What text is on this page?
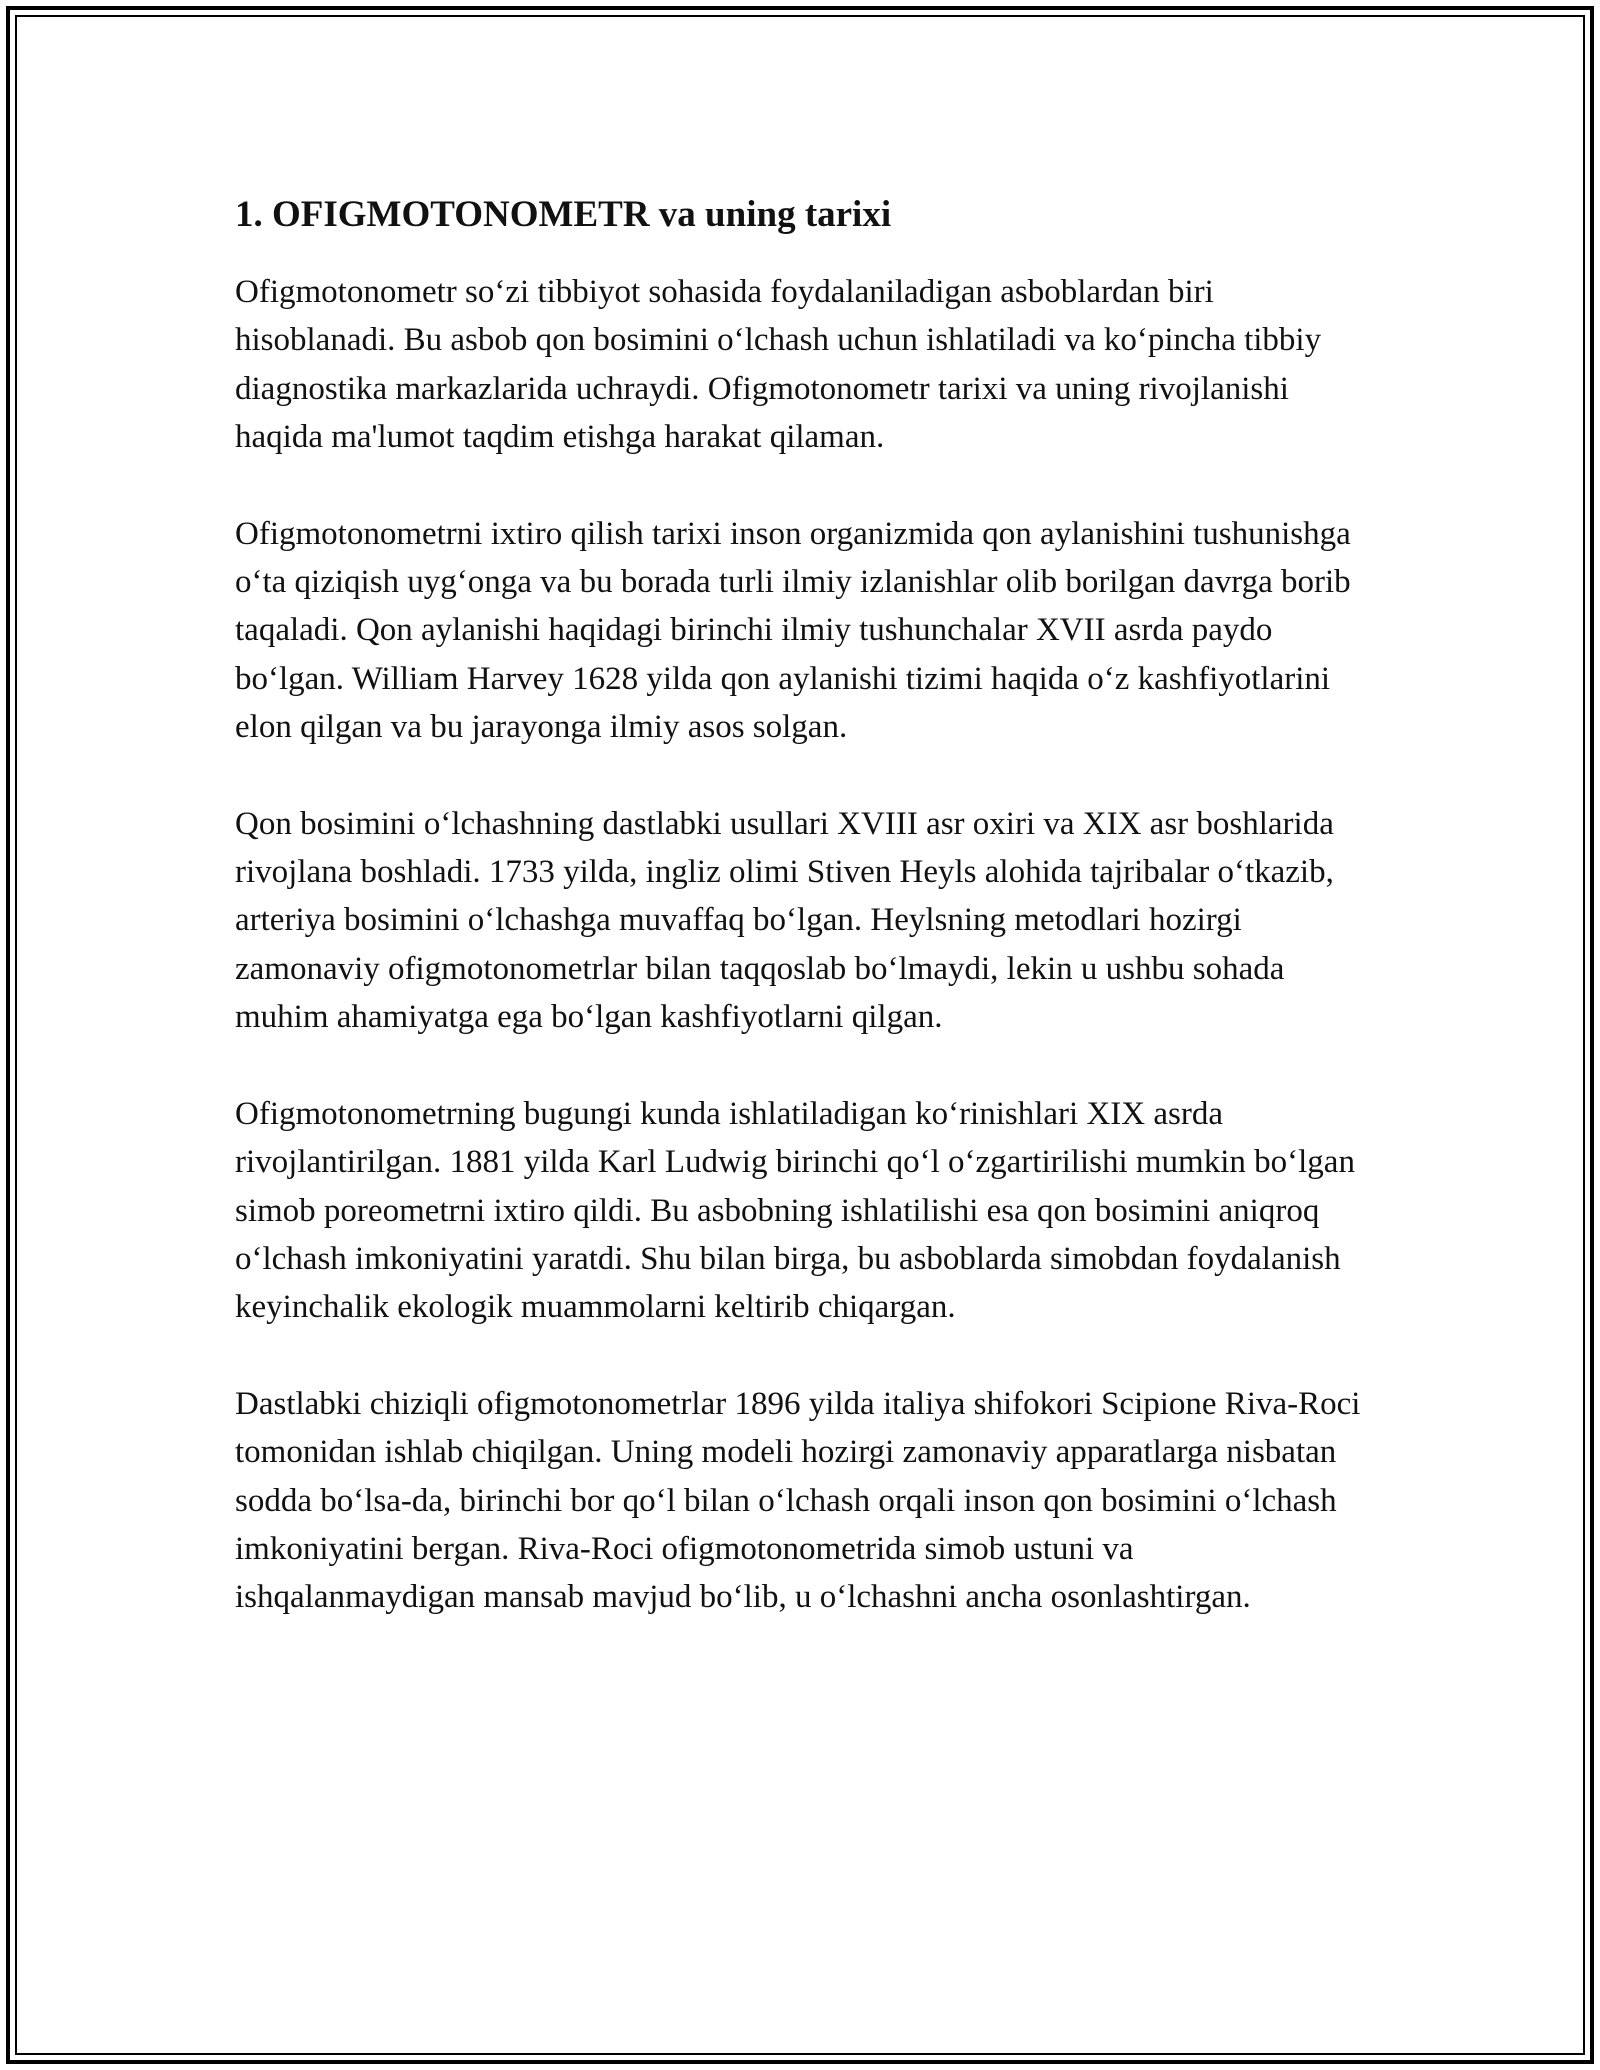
1. OFIGMOTONOMETR va uning tarixi

Ofigmotonometr so‘zi tibbiyot sohasida foydalaniladigan asboblardan biri hisoblanadi. Bu asbob qon bosimini o‘lchash uchun ishlatiladi va ko‘pincha tibbiy diagnostika markazlarida uchraydi. Ofigmotonometr tarixi va uning rivojlanishi haqida ma'lumot taqdim etishga harakat qilaman.

Ofigmotonometrni ixtiro qilish tarixi inson organizmida qon aylanishini tushunishga o‘ta qiziqish uyg‘onga va bu borada turli ilmiy izlanishlar olib borilgan davrga borib taqaladi. Qon aylanishi haqidagi birinchi ilmiy tushunchalar XVII asrda paydo bo‘lgan. William Harvey 1628 yilda qon aylanishi tizimi haqida o‘z kashfiyotlarini elon qilgan va bu jarayonga ilmiy asos solgan.

Qon bosimini o‘lchashning dastlabki usullari XVIII asr oxiri va XIX asr boshlarida rivojlana boshladi. 1733 yilda, ingliz olimi Stiven Heyls alohida tajribalar o‘tkazib, arteriya bosimini o‘lchashga muvaffaq bo‘lgan. Heylsning metodlari hozirgi zamonaviy ofigmotonometrlar bilan taqqoslab bo‘lmaydi, lekin u ushbu sohada muhim ahamiyatga ega bo‘lgan kashfiyotlarni qilgan.

Ofigmotonometrning bugungi kunda ishlatiladigan ko‘rinishlari XIX asrda rivojlantirilgan. 1881 yilda Karl Ludwig birinchi qo‘l o‘zgartirilishi mumkin bo‘lgan simob poreometrni ixtiro qildi. Bu asbobning ishlatilishi esa qon bosimini aniqroq o‘lchash imkoniyatini yaratdi. Shu bilan birga, bu asboblarda simobdan foydalanish keyinchalik ekologik muammolarni keltirib chiqargan.

Dastlabki chiziqli ofigmotonometrlar 1896 yilda italiya shifokori Scipione Riva-Roci tomonidan ishlab chiqilgan. Uning modeli hozirgi zamonaviy apparatlarga nisbatan sodda bo‘lsa-da, birinchi bor qo‘l bilan o‘lchash orqali inson qon bosimini o‘lchash imkoniyatini bergan. Riva-Roci ofigmotonometrida simob ustuni va ishqalanmaydigan mansab mavjud bo‘lib, u o‘lchashni ancha osonlashtirgan.
